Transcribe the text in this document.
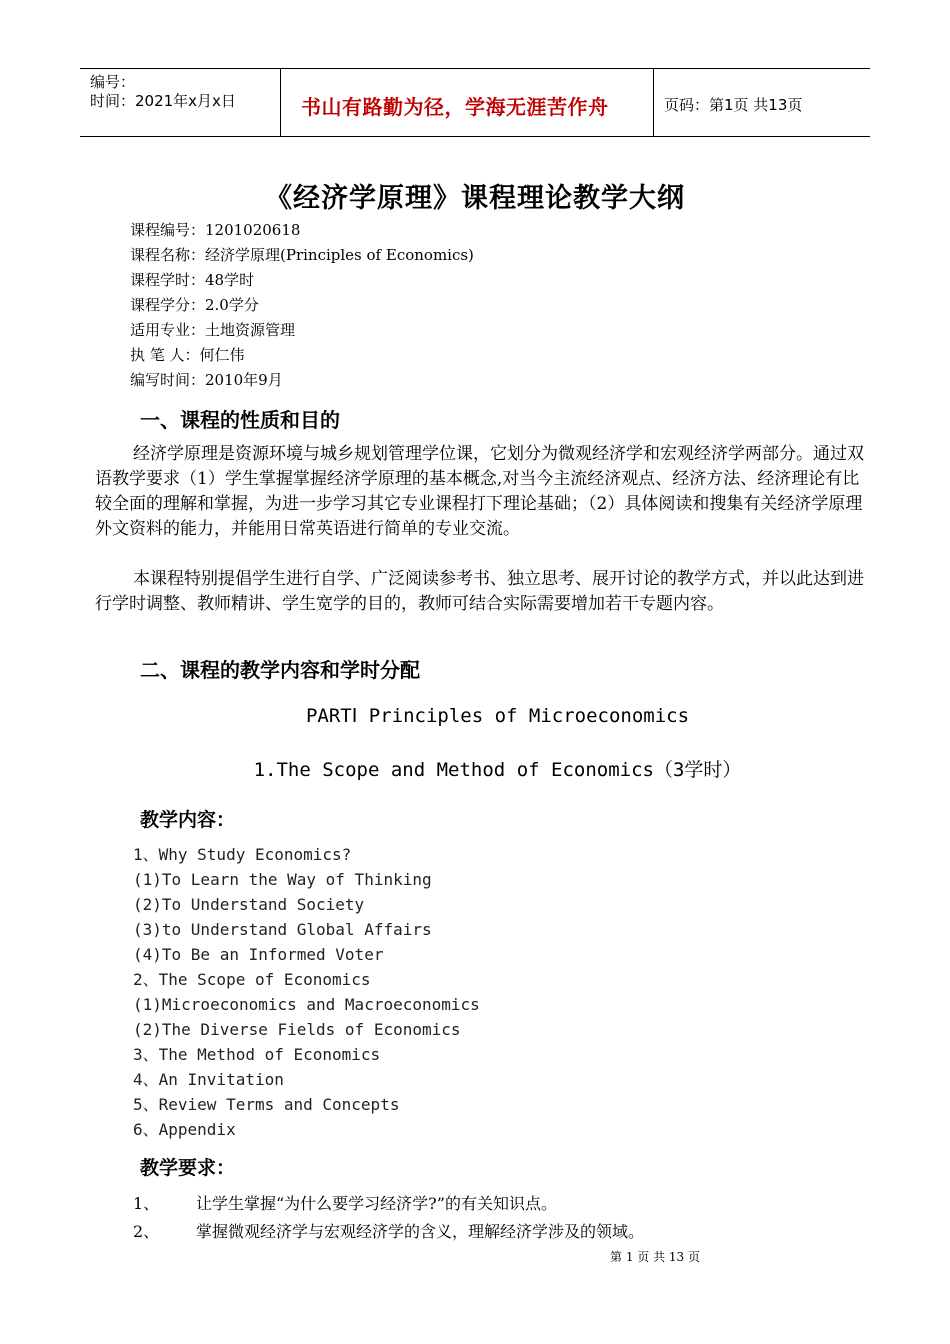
编号：
时间：2021年x月x日	书山有路勤为径，学海无涯苦作舟	页码：第1页 共13页
《经济学原理》课程理论教学大纲
课程编号：1201020618
课程名称：经济学原理(Principles of Economics)
课程学时：48学时
课程学分：2.0学分
适用专业：土地资源管理
执 笔 人：何仁伟
编写时间：2010年9月
一、课程的性质和目的

经济学原理是资源环境与城乡规划管理学位课，它划分为微观经济学和宏观经济学两部分。通过双语教学要求（1）学生掌握掌握经济学原理的基本概念,对当今主流经济观点、经济方法、经济理论有比较全面的理解和掌握，为进一步学习其它专业课程打下理论基础；（2）具体阅读和搜集有关经济学原理外文资料的能力，并能用日常英语进行简单的专业交流。

本课程特别提倡学生进行自学、广泛阅读参考书、独立思考、展开讨论的教学方式，并以此达到进行学时调整、教师精讲、学生宽学的目的，教师可结合实际需要增加若干专题内容。

二、课程的教学内容和学时分配
PARTⅠ Principles of Microeconomics
1.The Scope and Method of Economics（3学时）
教学内容：
1、Why Study Economics?
(1)To Learn the Way of Thinking
(2)To Understand Society
(3)to Understand Global Affairs
(4)To Be an Informed Voter
2、The Scope of Economics
(1)Microeconomics and Macroeconomics
(2)The Diverse Fields of Economics
3、The Method of Economics
4、An Invitation
5、Review Terms and Concepts
6、Appendix
教学要求：
1、 让学生掌握“为什么要学习经济学?”的有关知识点。
2、 掌握微观经济学与宏观经济学的含义，理解经济学涉及的领域。
第 1 页 共 13 页
